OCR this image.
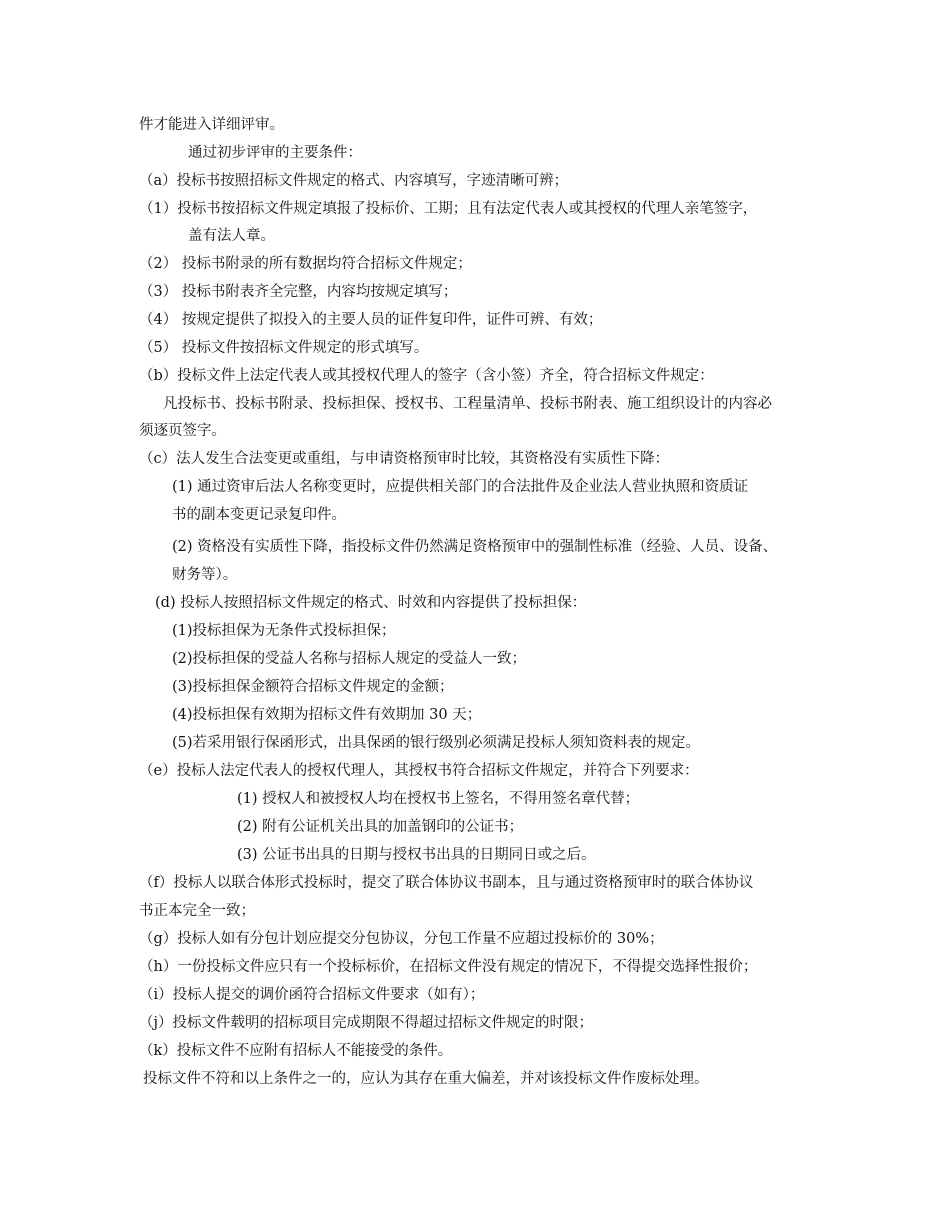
件才能进入详细评审。
通过初步评审的主要条件：
（a）投标书按照招标文件规定的格式、内容填写，字迹清晰可辨；
（1）投标书按招标文件规定填报了投标价、工期；且有法定代表人或其授权的代理人亲笔签字，
盖有法人章。
（2） 投标书附录的所有数据均符合招标文件规定；
（3） 投标书附表齐全完整，内容均按规定填写；
（4） 按规定提供了拟投入的主要人员的证件复印件，证件可辨、有效；
（5） 投标文件按招标文件规定的形式填写。
（b）投标文件上法定代表人或其授权代理人的签字（含小签）齐全，符合招标文件规定：
凡投标书、投标书附录、投标担保、授权书、工程量清单、投标书附表、施工组织设计的内容必
须逐页签字。
（c）法人发生合法变更或重组，与申请资格预审时比较，其资格没有实质性下降：
(1) 通过资审后法人名称变更时，应提供相关部门的合法批件及企业法人营业执照和资质证
书的副本变更记录复印件。
(2) 资格没有实质性下降，指投标文件仍然满足资格预审中的强制性标准（经验、人员、设备、
财务等）。
(d) 投标人按照招标文件规定的格式、时效和内容提供了投标担保：
(1)投标担保为无条件式投标担保；
(2)投标担保的受益人名称与招标人规定的受益人一致；
(3)投标担保金额符合招标文件规定的金额；
(4)投标担保有效期为招标文件有效期加 30 天；
(5)若采用银行保函形式，出具保函的银行级别必须满足投标人须知资料表的规定。
（e）投标人法定代表人的授权代理人，其授权书符合招标文件规定，并符合下列要求：
(1) 授权人和被授权人均在授权书上签名，不得用签名章代替；
(2) 附有公证机关出具的加盖钢印的公证书；
(3) 公证书出具的日期与授权书出具的日期同日或之后。
（f）投标人以联合体形式投标时，提交了联合体协议书副本，且与通过资格预审时的联合体协议
书正本完全一致；
（g）投标人如有分包计划应提交分包协议，分包工作量不应超过投标价的 30%；
（h）一份投标文件应只有一个投标标价，在招标文件没有规定的情况下，不得提交选择性报价；
（i）投标人提交的调价函符合招标文件要求（如有）；
（j）投标文件载明的招标项目完成期限不得超过招标文件规定的时限；
（k）投标文件不应附有招标人不能接受的条件。
投标文件不符和以上条件之一的，应认为其存在重大偏差，并对该投标文件作废标处理。
